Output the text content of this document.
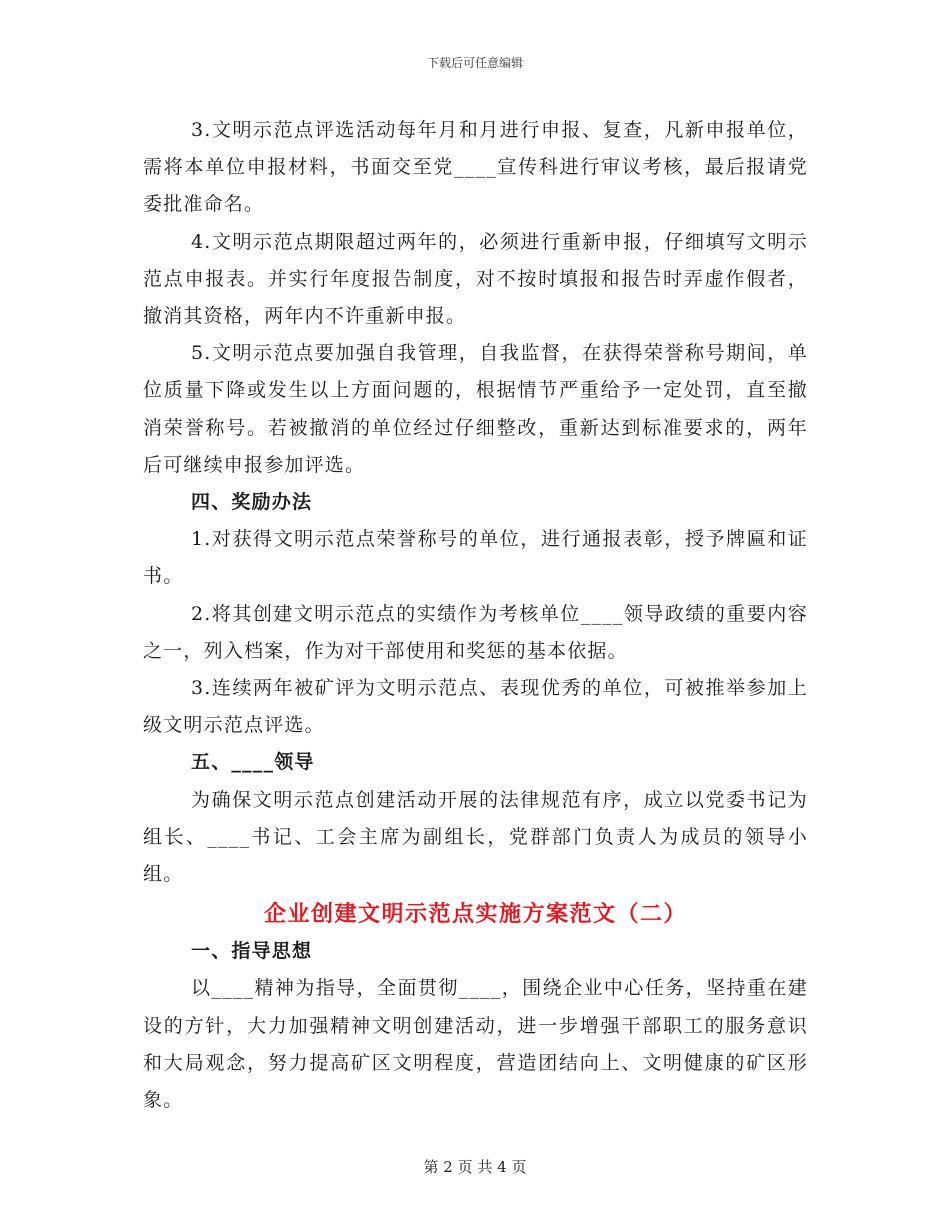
下载后可任意编辑

3.文明示范点评选活动每年月和月进行申报、复查，凡新申报单位，需将本单位申报材料，书面交至党____宣传科进行审议考核，最后报请党委批准命名。

4.文明示范点期限超过两年的，必须进行重新申报，仔细填写文明示范点申报表。并实行年度报告制度，对不按时填报和报告时弄虚作假者，撤消其资格，两年内不许重新申报。

5.文明示范点要加强自我管理，自我监督，在获得荣誉称号期间，单位质量下降或发生以上方面问题的，根据情节严重给予一定处罚，直至撤消荣誉称号。若被撤消的单位经过仔细整改，重新达到标准要求的，两年后可继续申报参加评选。

四、奖励办法

1.对获得文明示范点荣誉称号的单位，进行通报表彰，授予牌匾和证书。

2.将其创建文明示范点的实绩作为考核单位____领导政绩的重要内容之一，列入档案，作为对干部使用和奖惩的基本依据。

3.连续两年被矿评为文明示范点、表现优秀的单位，可被推举参加上级文明示范点评选。

五、____领导

为确保文明示范点创建活动开展的法律规范有序，成立以党委书记为组长、____书记、工会主席为副组长，党群部门负责人为成员的领导小组。

企业创建文明示范点实施方案范文（二）

一、指导思想

以____精神为指导，全面贯彻____，围绕企业中心任务，坚持重在建设的方针，大力加强精神文明创建活动，进一步增强干部职工的服务意识和大局观念，努力提高矿区文明程度，营造团结向上、文明健康的矿区形象。

第 2 页 共 4 页
